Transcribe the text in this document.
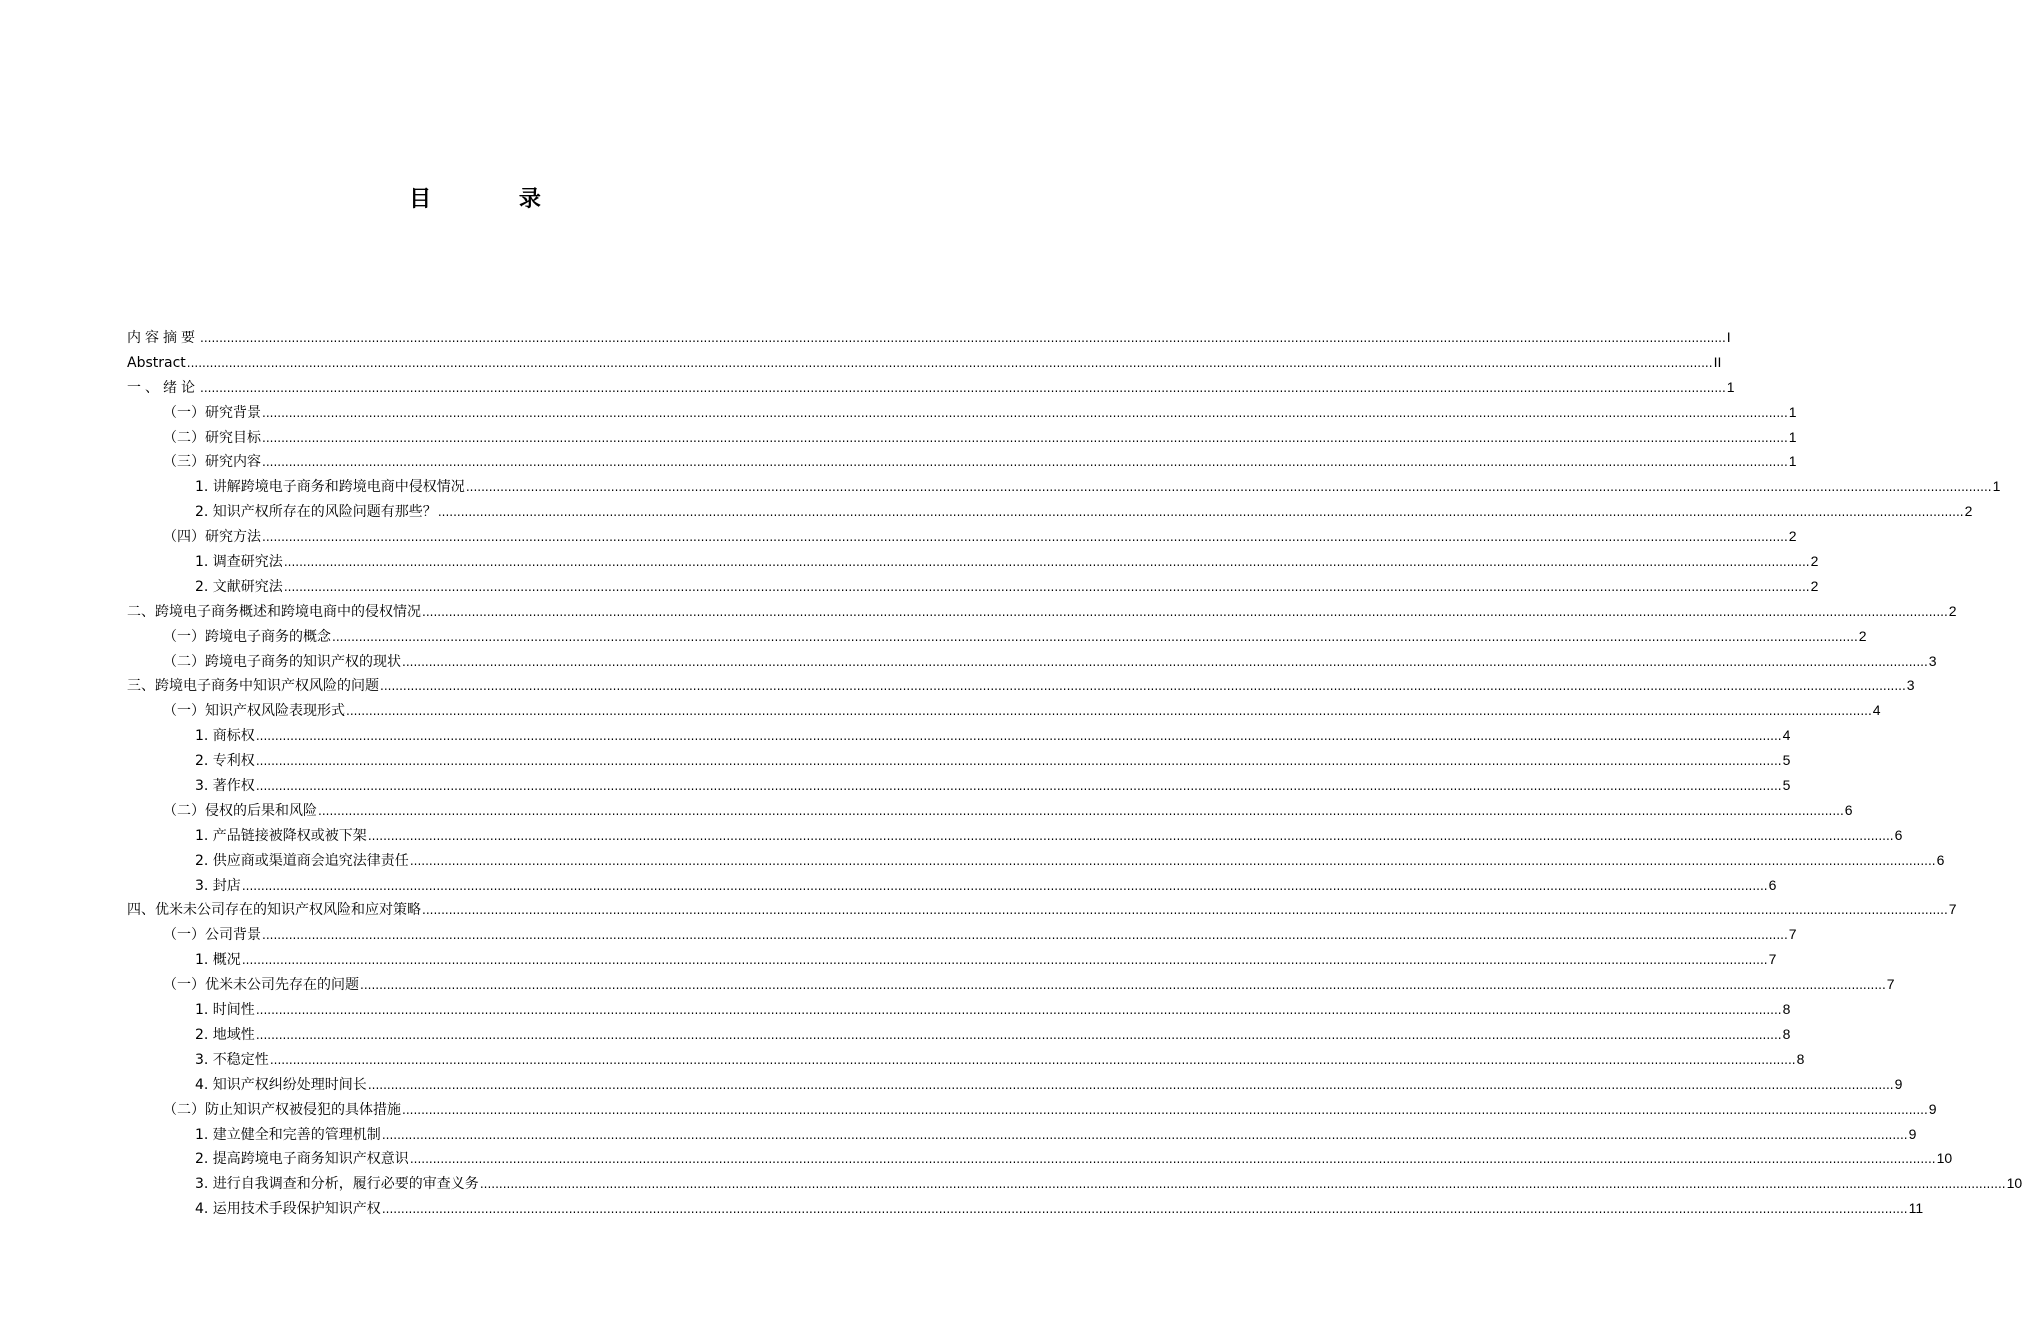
目 录
内容摘要 ................................................................................................................................................................................................................................................................................................................................................................................................................ I
Abstract ................................................................................................................................................................................................................................................................................................................................................................................................................ II
一、绪论 ................................................................................................................................................................................................................................................................................................................................................................................................................ 1
（一）研究背景 ................................................................................................................................................................................................................................................................................................................................................................................................................ 1
（二）研究目标 ................................................................................................................................................................................................................................................................................................................................................................................................................ 1
（三）研究内容 ................................................................................................................................................................................................................................................................................................................................................................................................................ 1
1. 讲解跨境电子商务和跨境电商中侵权情况 ................................................................................................................................................................................................................................................................................................................................................................................................................ 1
2. 知识产权所存在的风险问题有那些？ ................................................................................................................................................................................................................................................................................................................................................................................................................ 2
（四）研究方法 ................................................................................................................................................................................................................................................................................................................................................................................................................ 2
1. 调查研究法 ................................................................................................................................................................................................................................................................................................................................................................................................................ 2
2. 文献研究法 ................................................................................................................................................................................................................................................................................................................................................................................................................ 2
二、跨境电子商务概述和跨境电商中的侵权情况 ................................................................................................................................................................................................................................................................................................................................................................................................................ 2
（一）跨境电子商务的概念 ................................................................................................................................................................................................................................................................................................................................................................................................................ 2
（二）跨境电子商务的知识产权的现状 ................................................................................................................................................................................................................................................................................................................................................................................................................ 3
三、跨境电子商务中知识产权风险的问题 ................................................................................................................................................................................................................................................................................................................................................................................................................ 3
（一）知识产权风险表现形式 ................................................................................................................................................................................................................................................................................................................................................................................................................ 4
1. 商标权 ................................................................................................................................................................................................................................................................................................................................................................................................................ 4
2. 专利权 ................................................................................................................................................................................................................................................................................................................................................................................................................ 5
3. 著作权 ................................................................................................................................................................................................................................................................................................................................................................................................................ 5
（二）侵权的后果和风险 ................................................................................................................................................................................................................................................................................................................................................................................................................ 6
1. 产品链接被降权或被下架 ................................................................................................................................................................................................................................................................................................................................................................................................................ 6
2. 供应商或渠道商会追究法律责任 ................................................................................................................................................................................................................................................................................................................................................................................................................ 6
3. 封店 ................................................................................................................................................................................................................................................................................................................................................................................................................ 6
四、优米未公司存在的知识产权风险和应对策略 ................................................................................................................................................................................................................................................................................................................................................................................................................ 7
（一）公司背景 ................................................................................................................................................................................................................................................................................................................................................................................................................ 7
1. 概况 ................................................................................................................................................................................................................................................................................................................................................................................................................ 7
（一）优米未公司先存在的问题 ................................................................................................................................................................................................................................................................................................................................................................................................................ 7
1. 时间性 ................................................................................................................................................................................................................................................................................................................................................................................................................ 8
2. 地域性 ................................................................................................................................................................................................................................................................................................................................................................................................................ 8
3. 不稳定性 ................................................................................................................................................................................................................................................................................................................................................................................................................ 8
4. 知识产权纠纷处理时间长 ................................................................................................................................................................................................................................................................................................................................................................................................................ 9
（二）防止知识产权被侵犯的具体措施 ................................................................................................................................................................................................................................................................................................................................................................................................................ 9
1. 建立健全和完善的管理机制 ................................................................................................................................................................................................................................................................................................................................................................................................................ 9
2. 提高跨境电子商务知识产权意识 ................................................................................................................................................................................................................................................................................................................................................................................................................ 10
3. 进行自我调查和分析，履行必要的审查义务 ................................................................................................................................................................................................................................................................................................................................................................................................................ 10
4. 运用技术手段保护知识产权 ................................................................................................................................................................................................................................................................................................................................................................................................................ 11
